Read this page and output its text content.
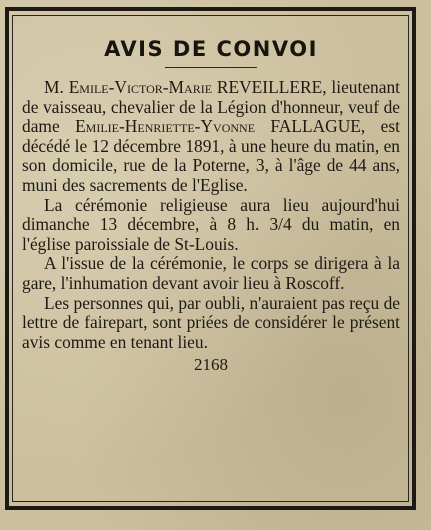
AVIS DE CONVOI

M. Emile-Victor-Marie REVEILLERE, lieutenant de vaisseau, chevalier de la Légion d'honneur, veuf de dame Emilie-Henriette-Yvonne FALLAGUE, est décédé le 12 décembre 1891, à une heure du matin, en son domicile, rue de la Poterne, 3, à l'âge de 44 ans, muni des sacrements de l'Eglise.

La cérémonie religieuse aura lieu aujourd'hui dimanche 13 décembre, à 8 h. 3/4 du matin, en l'église paroissiale de St-Louis.

A l'issue de la cérémonie, le corps se dirigera à la gare, l'inhumation devant avoir lieu à Roscoff.

Les personnes qui, par oubli, n'auraient pas reçu de lettre de fairepart, sont priées de considérer le présent avis comme en tenant lieu.

2168
